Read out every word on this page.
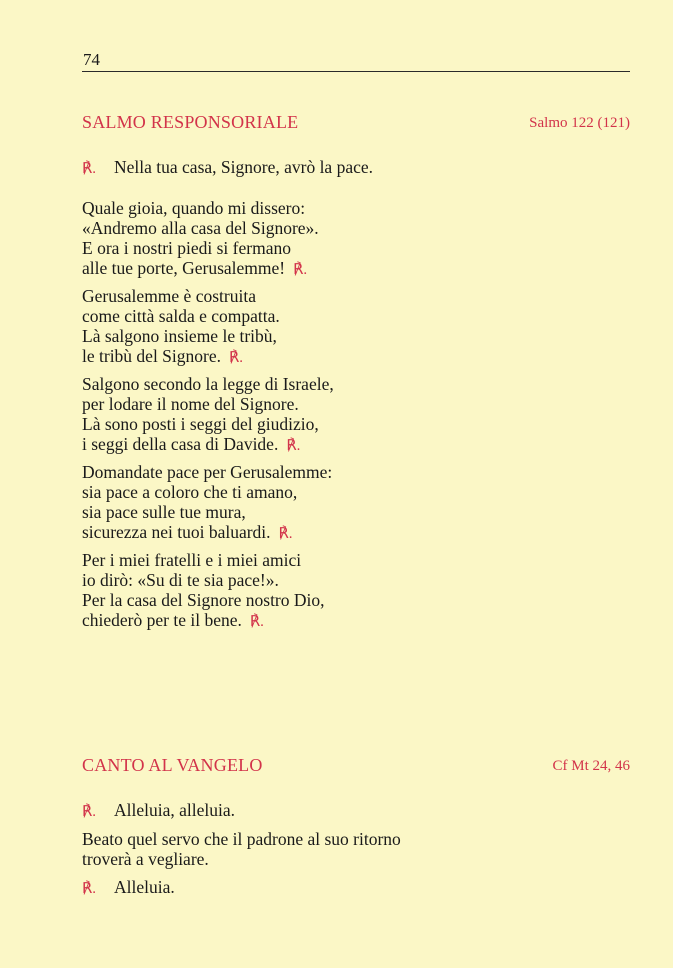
74
SALMO RESPONSORIALE	Salmo 122 (121)
℟. Nella tua casa, Signore, avrò la pace.
Quale gioia, quando mi dissero:
«Andremo alla casa del Signore».
E ora i nostri piedi si fermano
alle tue porte, Gerusalemme! ℟.
Gerusalemme è costruita
come città salda e compatta.
Là salgono insieme le tribù,
le tribù del Signore. ℟.
Salgono secondo la legge di Israele,
per lodare il nome del Signore.
Là sono posti i seggi del giudizio,
i seggi della casa di Davide. ℟.
Domandate pace per Gerusalemme:
sia pace a coloro che ti amano,
sia pace sulle tue mura,
sicurezza nei tuoi baluardi. ℟.
Per i miei fratelli e i miei amici
io dirò: «Su di te sia pace!».
Per la casa del Signore nostro Dio,
chiederò per te il bene. ℟.
CANTO AL VANGELO	Cf Mt 24, 46
℟. Alleluia, alleluia.
Beato quel servo che il padrone al suo ritorno
troverà a vegliare.
℟. Alleluia.
